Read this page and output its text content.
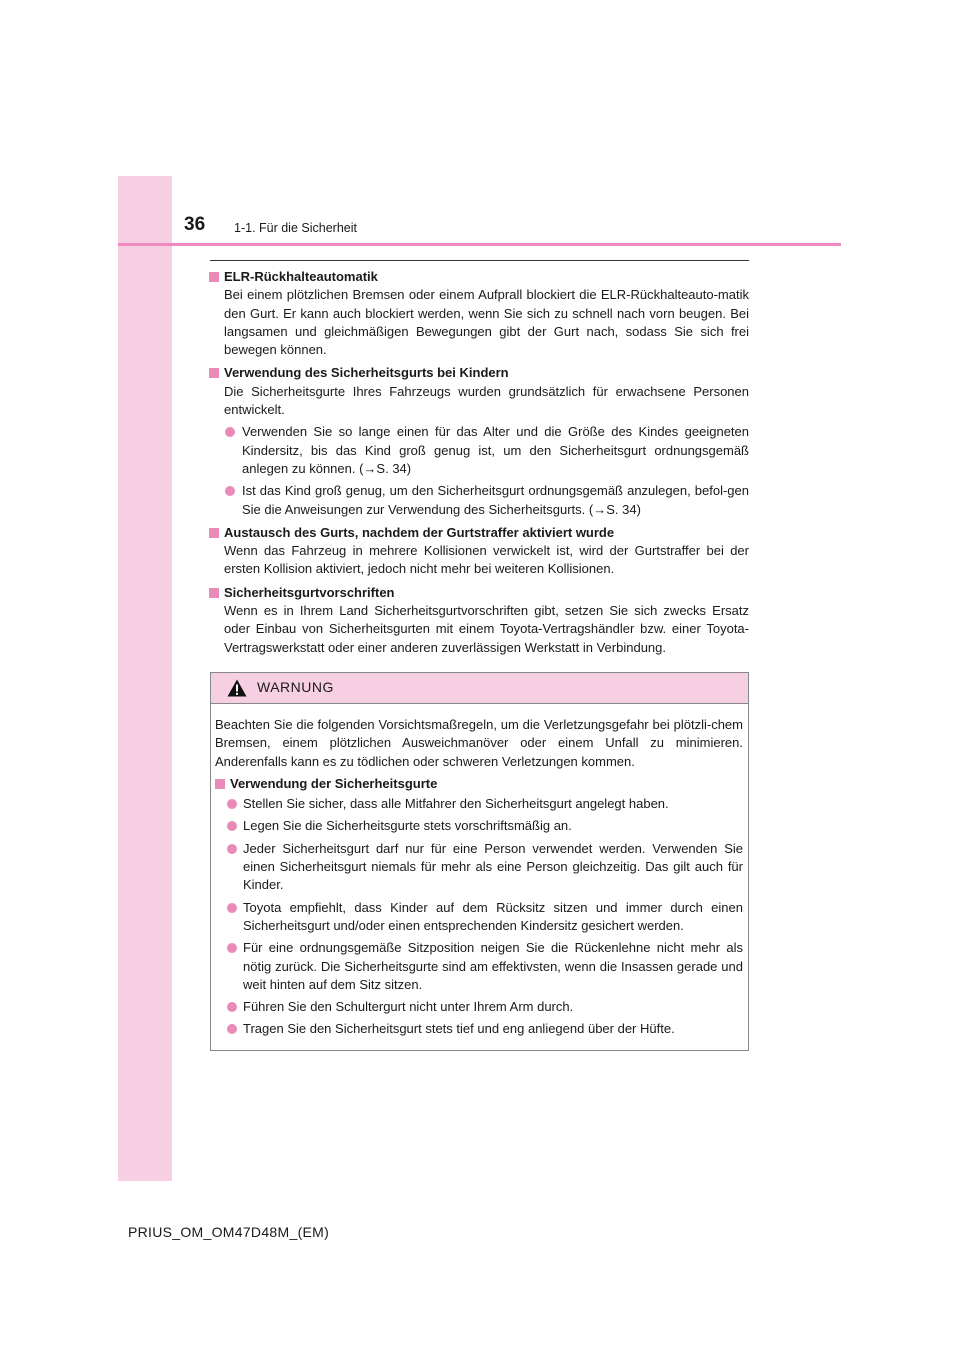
36 1-1. Für die Sicherheit
ELR-Rückhalteautomatik
Bei einem plötzlichen Bremsen oder einem Aufprall blockiert die ELR-Rückhalteauto-matik den Gurt. Er kann auch blockiert werden, wenn Sie sich zu schnell nach vorn beugen. Bei langsamen und gleichmäßigen Bewegungen gibt der Gurt nach, sodass Sie sich frei bewegen können.
Verwendung des Sicherheitsgurts bei Kindern
Die Sicherheitsgurte Ihres Fahrzeugs wurden grundsätzlich für erwachsene Personen entwickelt.
Verwenden Sie so lange einen für das Alter und die Größe des Kindes geeigneten Kindersitz, bis das Kind groß genug ist, um den Sicherheitsgurt ordnungsgemäß anlegen zu können. (→S. 34)
Ist das Kind groß genug, um den Sicherheitsgurt ordnungsgemäß anzulegen, befol-gen Sie die Anweisungen zur Verwendung des Sicherheitsgurts. (→S. 34)
Austausch des Gurts, nachdem der Gurtstraffer aktiviert wurde
Wenn das Fahrzeug in mehrere Kollisionen verwickelt ist, wird der Gurtstraffer bei der ersten Kollision aktiviert, jedoch nicht mehr bei weiteren Kollisionen.
Sicherheitsgurtvorschriften
Wenn es in Ihrem Land Sicherheitsgurtvorschriften gibt, setzen Sie sich zwecks Ersatz oder Einbau von Sicherheitsgurten mit einem Toyota-Vertragshändler bzw. einer Toyota-Vertragswerkstatt oder einer anderen zuverlässigen Werkstatt in Verbindung.
WARNUNG
Beachten Sie die folgenden Vorsichtsmaßregeln, um die Verletzungsgefahr bei plötzli-chem Bremsen, einem plötzlichen Ausweichmanöver oder einem Unfall zu minimieren. Anderenfalls kann es zu tödlichen oder schweren Verletzungen kommen.
Verwendung der Sicherheitsgurte
Stellen Sie sicher, dass alle Mitfahrer den Sicherheitsgurt angelegt haben.
Legen Sie die Sicherheitsgurte stets vorschriftsmäßig an.
Jeder Sicherheitsgurt darf nur für eine Person verwendet werden. Verwenden Sie einen Sicherheitsgurt niemals für mehr als eine Person gleichzeitig. Das gilt auch für Kinder.
Toyota empfiehlt, dass Kinder auf dem Rücksitz sitzen und immer durch einen Sicherheitsgurt und/oder einen entsprechenden Kindersitz gesichert werden.
Für eine ordnungsgemäße Sitzposition neigen Sie die Rückenlehne nicht mehr als nötig zurück. Die Sicherheitsgurte sind am effektivsten, wenn die Insassen gerade und weit hinten auf dem Sitz sitzen.
Führen Sie den Schultergurt nicht unter Ihrem Arm durch.
Tragen Sie den Sicherheitsgurt stets tief und eng anliegend über der Hüfte.
PRIUS_OM_OM47D48M_(EM)
